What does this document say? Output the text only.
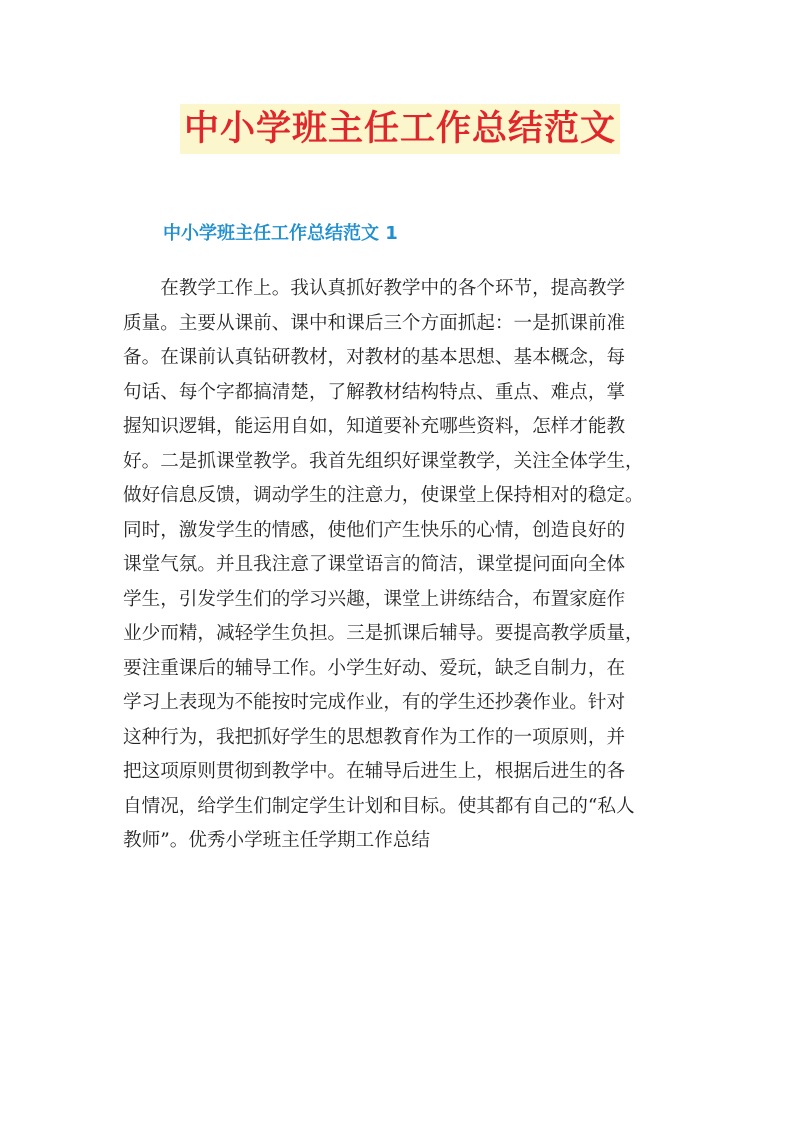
中小学班主任工作总结范文
中小学班主任工作总结范文 1
　　在教学工作上。我认真抓好教学中的各个环节，提高教学
质量。主要从课前、课中和课后三个方面抓起：一是抓课前准
备。在课前认真钻研教材，对教材的基本思想、基本概念，每
句话、每个字都搞清楚，了解教材结构特点、重点、难点，掌
握知识逻辑，能运用自如，知道要补充哪些资料，怎样才能教
好。二是抓课堂教学。我首先组织好课堂教学，关注全体学生，
做好信息反馈，调动学生的注意力，使课堂上保持相对的稳定。
同时，激发学生的情感，使他们产生快乐的心情，创造良好的
课堂气氛。并且我注意了课堂语言的简洁，课堂提问面向全体
学生，引发学生们的学习兴趣，课堂上讲练结合，布置家庭作
业少而精，减轻学生负担。三是抓课后辅导。要提高教学质量，
要注重课后的辅导工作。小学生好动、爱玩，缺乏自制力，在
学习上表现为不能按时完成作业，有的学生还抄袭作业。针对
这种行为，我把抓好学生的思想教育作为工作的一项原则，并
把这项原则贯彻到教学中。在辅导后进生上，根据后进生的各
自情况，给学生们制定学生计划和目标。使其都有自己的“私人
教师”。优秀小学班主任学期工作总结
